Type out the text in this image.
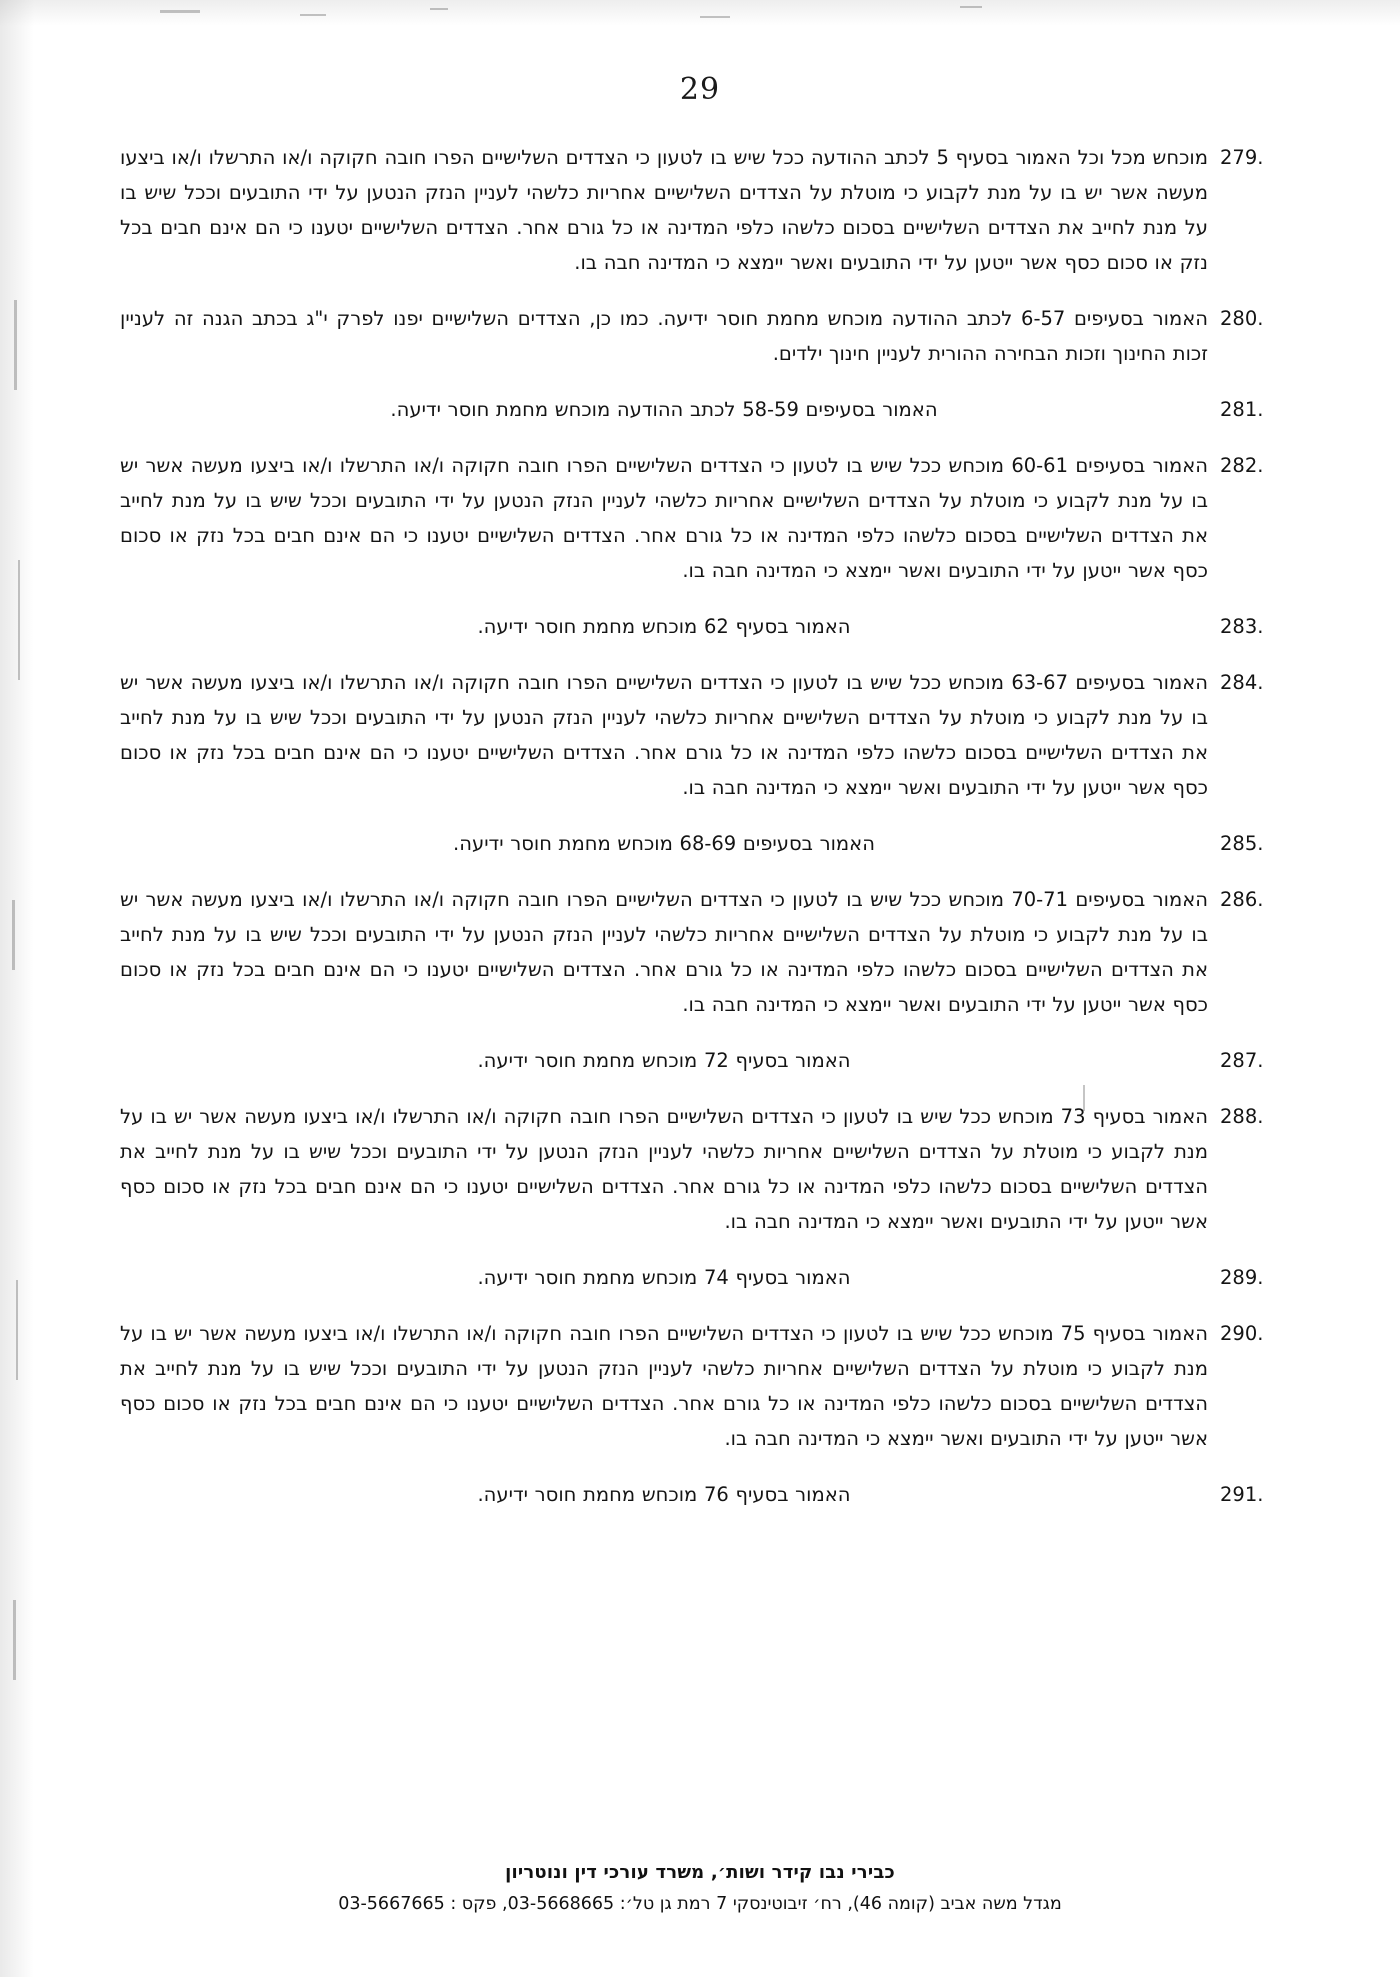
29
.279
מוכחש מכל וכל האמור בסעיף 5 לכתב ההודעה ככל שיש בו לטעון כי הצדדים השלישיים הפרו חובה חקוקה ו/או התרשלו ו/או ביצעו מעשה אשר יש בו על מנת לקבוע כי מוטלת על הצדדים השלישיים אחריות כלשהי לעניין הנזק הנטען על ידי התובעים וככל שיש בו על מנת לחייב את הצדדים השלישיים בסכום כלשהו כלפי המדינה או כל גורם אחר. הצדדים השלישיים יטענו כי הם אינם חבים בכל נזק או סכום כסף אשר ייטען על ידי התובעים ואשר יימצא כי המדינה חבה בו.
.280
האמור בסעיפים 6-57 לכתב ההודעה מוכחש מחמת חוסר ידיעה. כמו כן, הצדדים השלישיים יפנו לפרק י"ג בכתב הגנה זה לעניין זכות החינוך וזכות הבחירה ההורית לעניין חינוך ילדים.
.281
האמור בסעיפים 58-59 לכתב ההודעה מוכחש מחמת חוסר ידיעה.
.282
האמור בסעיפים 60-61 מוכחש ככל שיש בו לטעון כי הצדדים השלישיים הפרו חובה חקוקה ו/או התרשלו ו/או ביצעו מעשה אשר יש בו על מנת לקבוע כי מוטלת על הצדדים השלישיים אחריות כלשהי לעניין הנזק הנטען על ידי התובעים וככל שיש בו על מנת לחייב את הצדדים השלישיים בסכום כלשהו כלפי המדינה או כל גורם אחר. הצדדים השלישיים יטענו כי הם אינם חבים בכל נזק או סכום כסף אשר ייטען על ידי התובעים ואשר יימצא כי המדינה חבה בו.
.283
האמור בסעיף 62 מוכחש מחמת חוסר ידיעה.
.284
האמור בסעיפים 63-67 מוכחש ככל שיש בו לטעון כי הצדדים השלישיים הפרו חובה חקוקה ו/או התרשלו ו/או ביצעו מעשה אשר יש בו על מנת לקבוע כי מוטלת על הצדדים השלישיים אחריות כלשהי לעניין הנזק הנטען על ידי התובעים וככל שיש בו על מנת לחייב את הצדדים השלישיים בסכום כלשהו כלפי המדינה או כל גורם אחר. הצדדים השלישיים יטענו כי הם אינם חבים בכל נזק או סכום כסף אשר ייטען על ידי התובעים ואשר יימצא כי המדינה חבה בו.
.285
האמור בסעיפים 68-69 מוכחש מחמת חוסר ידיעה.
.286
האמור בסעיפים 70-71 מוכחש ככל שיש בו לטעון כי הצדדים השלישיים הפרו חובה חקוקה ו/או התרשלו ו/או ביצעו מעשה אשר יש בו על מנת לקבוע כי מוטלת על הצדדים השלישיים אחריות כלשהי לעניין הנזק הנטען על ידי התובעים וככל שיש בו על מנת לחייב את הצדדים השלישיים בסכום כלשהו כלפי המדינה או כל גורם אחר. הצדדים השלישיים יטענו כי הם אינם חבים בכל נזק או סכום כסף אשר ייטען על ידי התובעים ואשר יימצא כי המדינה חבה בו.
.287
האמור בסעיף 72 מוכחש מחמת חוסר ידיעה.
.288
האמור בסעיף 73 מוכחש ככל שיש בו לטעון כי הצדדים השלישיים הפרו חובה חקוקה ו/או התרשלו ו/או ביצעו מעשה אשר יש בו על מנת לקבוע כי מוטלת על הצדדים השלישיים אחריות כלשהי לעניין הנזק הנטען על ידי התובעים וככל שיש בו על מנת לחייב את הצדדים השלישיים בסכום כלשהו כלפי המדינה או כל גורם אחר. הצדדים השלישיים יטענו כי הם אינם חבים בכל נזק או סכום כסף אשר ייטען על ידי התובעים ואשר יימצא כי המדינה חבה בו.
.289
האמור בסעיף 74 מוכחש מחמת חוסר ידיעה.
.290
האמור בסעיף 75 מוכחש ככל שיש בו לטעון כי הצדדים השלישיים הפרו חובה חקוקה ו/או התרשלו ו/או ביצעו מעשה אשר יש בו על מנת לקבוע כי מוטלת על הצדדים השלישיים אחריות כלשהי לעניין הנזק הנטען על ידי התובעים וככל שיש בו על מנת לחייב את הצדדים השלישיים בסכום כלשהו כלפי המדינה או כל גורם אחר. הצדדים השלישיים יטענו כי הם אינם חבים בכל נזק או סכום כסף אשר ייטען על ידי התובעים ואשר יימצא כי המדינה חבה בו.
.291
האמור בסעיף 76 מוכחש מחמת חוסר ידיעה.
כבירי נבו קידר ושות׳, משרד עורכי דין ונוטריון
מגדל משה אביב (קומה 46), רח׳ זיבוטינסקי 7 רמת גן טל׳: 03-5668665, פקס : 03-5667665
